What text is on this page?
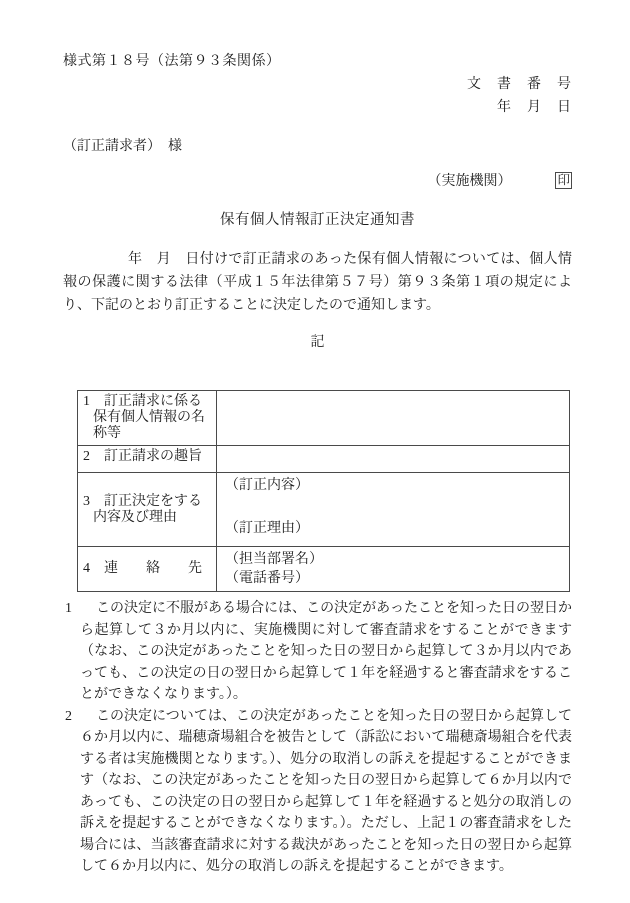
様式第１８号（法第９３条関係）
文　書　番　号
年　月　日
（訂正請求者）　様
（実施機関）	印
保有個人情報訂正決定通知書

年　月　日付けで訂正請求のあった保有個人情報については、個人情報の保護に関する法律（平成１５年法律第５７号）第９３条第１項の規定により、下記のとおり訂正することに決定したので通知します。

記
1　訂正請求に係る保有個人情報の名称等	

2　訂正請求の趣旨	

3　訂正決定をする内容及び理由	（訂正内容）
（訂正理由）

4　連　　絡　　先	（担当部署名）
（電話番号）

1 この決定に不服がある場合には、この決定があったことを知った日の翌日から起算して３か月以内に、実施機関に対して審査請求をすることができます（なお、この決定があったことを知った日の翌日から起算して３か月以内であっても、この決定の日の翌日から起算して１年を経過すると審査請求をすることができなくなります。）。

2 この決定については、この決定があったことを知った日の翌日から起算して６か月以内に、瑞穂斎場組合を被告として（訴訟において瑞穂斎場組合を代表する者は実施機関となります。）、処分の取消しの訴えを提起することができます（なお、この決定があったことを知った日の翌日から起算して６か月以内であっても、この決定の日の翌日から起算して１年を経過すると処分の取消しの訴えを提起することができなくなります。）。ただし、上記１の審査請求をした場合には、当該審査請求に対する裁決があったことを知った日の翌日から起算して６か月以内に、処分の取消しの訴えを提起することができます。
